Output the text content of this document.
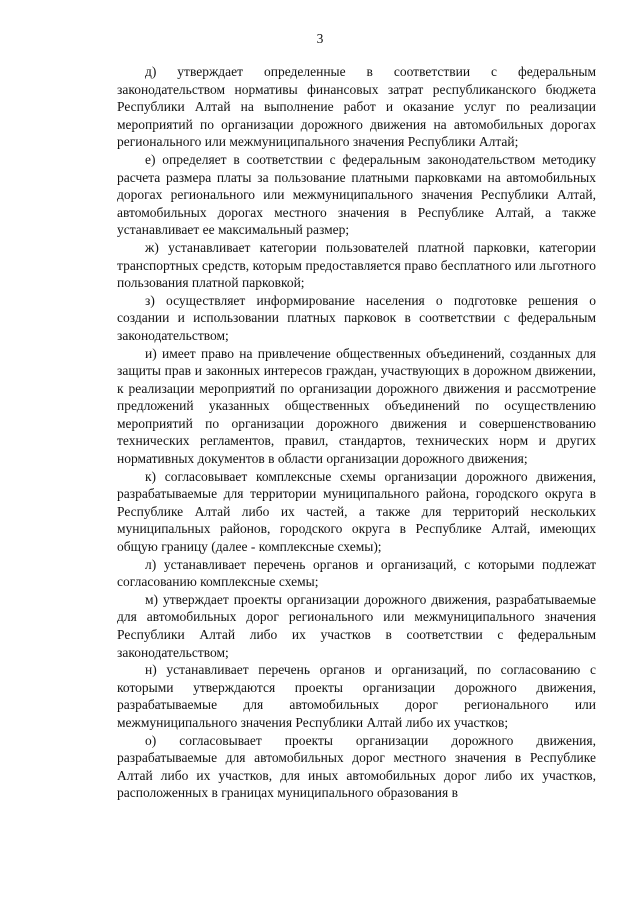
3

д) утверждает определенные в соответствии с федеральным законодательством нормативы финансовых затрат республиканского бюджета Республики Алтай на выполнение работ и оказание услуг по реализации мероприятий по организации дорожного движения на автомобильных дорогах регионального или межмуниципального значения Республики Алтай;

е) определяет в соответствии с федеральным законодательством методику расчета размера платы за пользование платными парковками на автомобильных дорогах регионального или межмуниципального значения Республики Алтай, автомобильных дорогах местного значения в Республике Алтай, а также устанавливает ее максимальный размер;

ж) устанавливает категории пользователей платной парковки, категории транспортных средств, которым предоставляется право бесплатного или льготного пользования платной парковкой;

з) осуществляет информирование населения о подготовке решения о создании и использовании платных парковок в соответствии с федеральным законодательством;

и) имеет право на привлечение общественных объединений, созданных для защиты прав и законных интересов граждан, участвующих в дорожном движении, к реализации мероприятий по организации дорожного движения и рассмотрение предложений указанных общественных объединений по осуществлению мероприятий по организации дорожного движения и совершенствованию технических регламентов, правил, стандартов, технических норм и других нормативных документов в области организации дорожного движения;

к) согласовывает комплексные схемы организации дорожного движения, разрабатываемые для территории муниципального района, городского округа в Республике Алтай либо их частей, а также для территорий нескольких муниципальных районов, городского округа в Республике Алтай, имеющих общую границу (далее - комплексные схемы);

л) устанавливает перечень органов и организаций, с которыми подлежат согласованию комплексные схемы;

м) утверждает проекты организации дорожного движения, разрабатываемые для автомобильных дорог регионального или межмуниципального значения Республики Алтай либо их участков в соответствии с федеральным законодательством;

н) устанавливает перечень органов и организаций, по согласованию с которыми утверждаются проекты организации дорожного движения, разрабатываемые для автомобильных дорог регионального или межмуниципального значения Республики Алтай либо их участков;

о) согласовывает проекты организации дорожного движения, разрабатываемые для автомобильных дорог местного значения в Республике Алтай либо их участков, для иных автомобильных дорог либо их участков, расположенных в границах муниципального образования в
